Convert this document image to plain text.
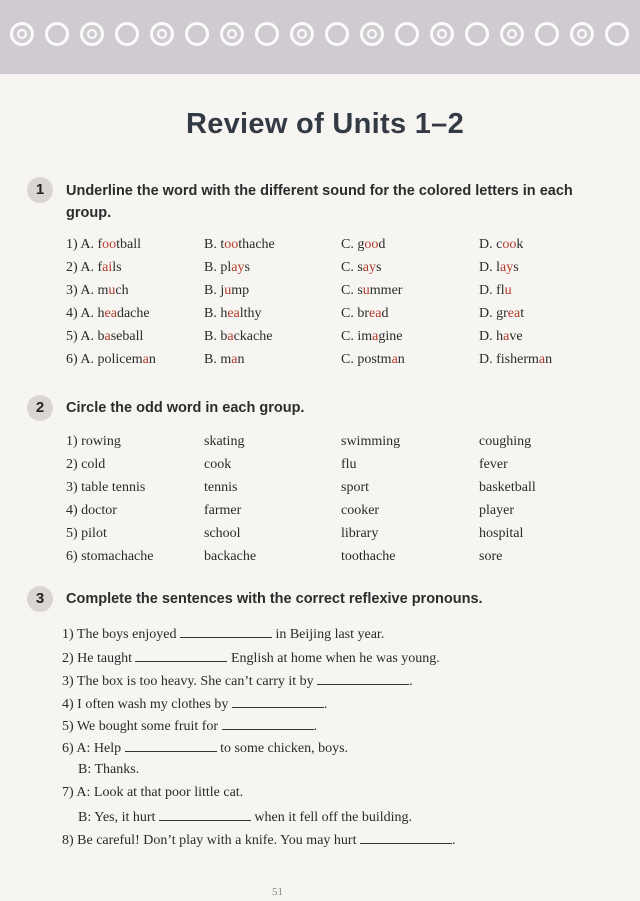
Review of Units 1–2
1	Underline the word with the different sound for the colored letters in each group.
1) A. football	B. toothache	C. good	D. cook
2) A. fails	B. plays	C. says	D. lays
3) A. much	B. jump	C. summer	D. flu
4) A. headache	B. healthy	C. bread	D. great
5) A. baseball	B. backache	C. imagine	D. have
6) A. policeman	B. man	C. postman	D. fisherman
2	Circle the odd word in each group.
1) rowing	skating	swimming	coughing
2) cold	cook	flu	fever
3) table tennis	tennis	sport	basketball
4) doctor	farmer	cooker	player
5) pilot	school	library	hospital
6) stomachache	backache	toothache	sore
3	Complete the sentences with the correct reflexive pronouns.
1) The boys enjoyed	in Beijing last year.
2) He taught	English at home when he was young.
3) The box is too heavy. She can’t carry it by	.
4) I often wash my clothes by	.
5) We bought some fruit for	.
6) A: Help	to some chicken, boys.
B: Thanks.
7) A: Look at that poor little cat.
B: Yes, it hurt	when it fell off the building.
8) Be careful! Don’t play with a knife. You may hurt	.
51
